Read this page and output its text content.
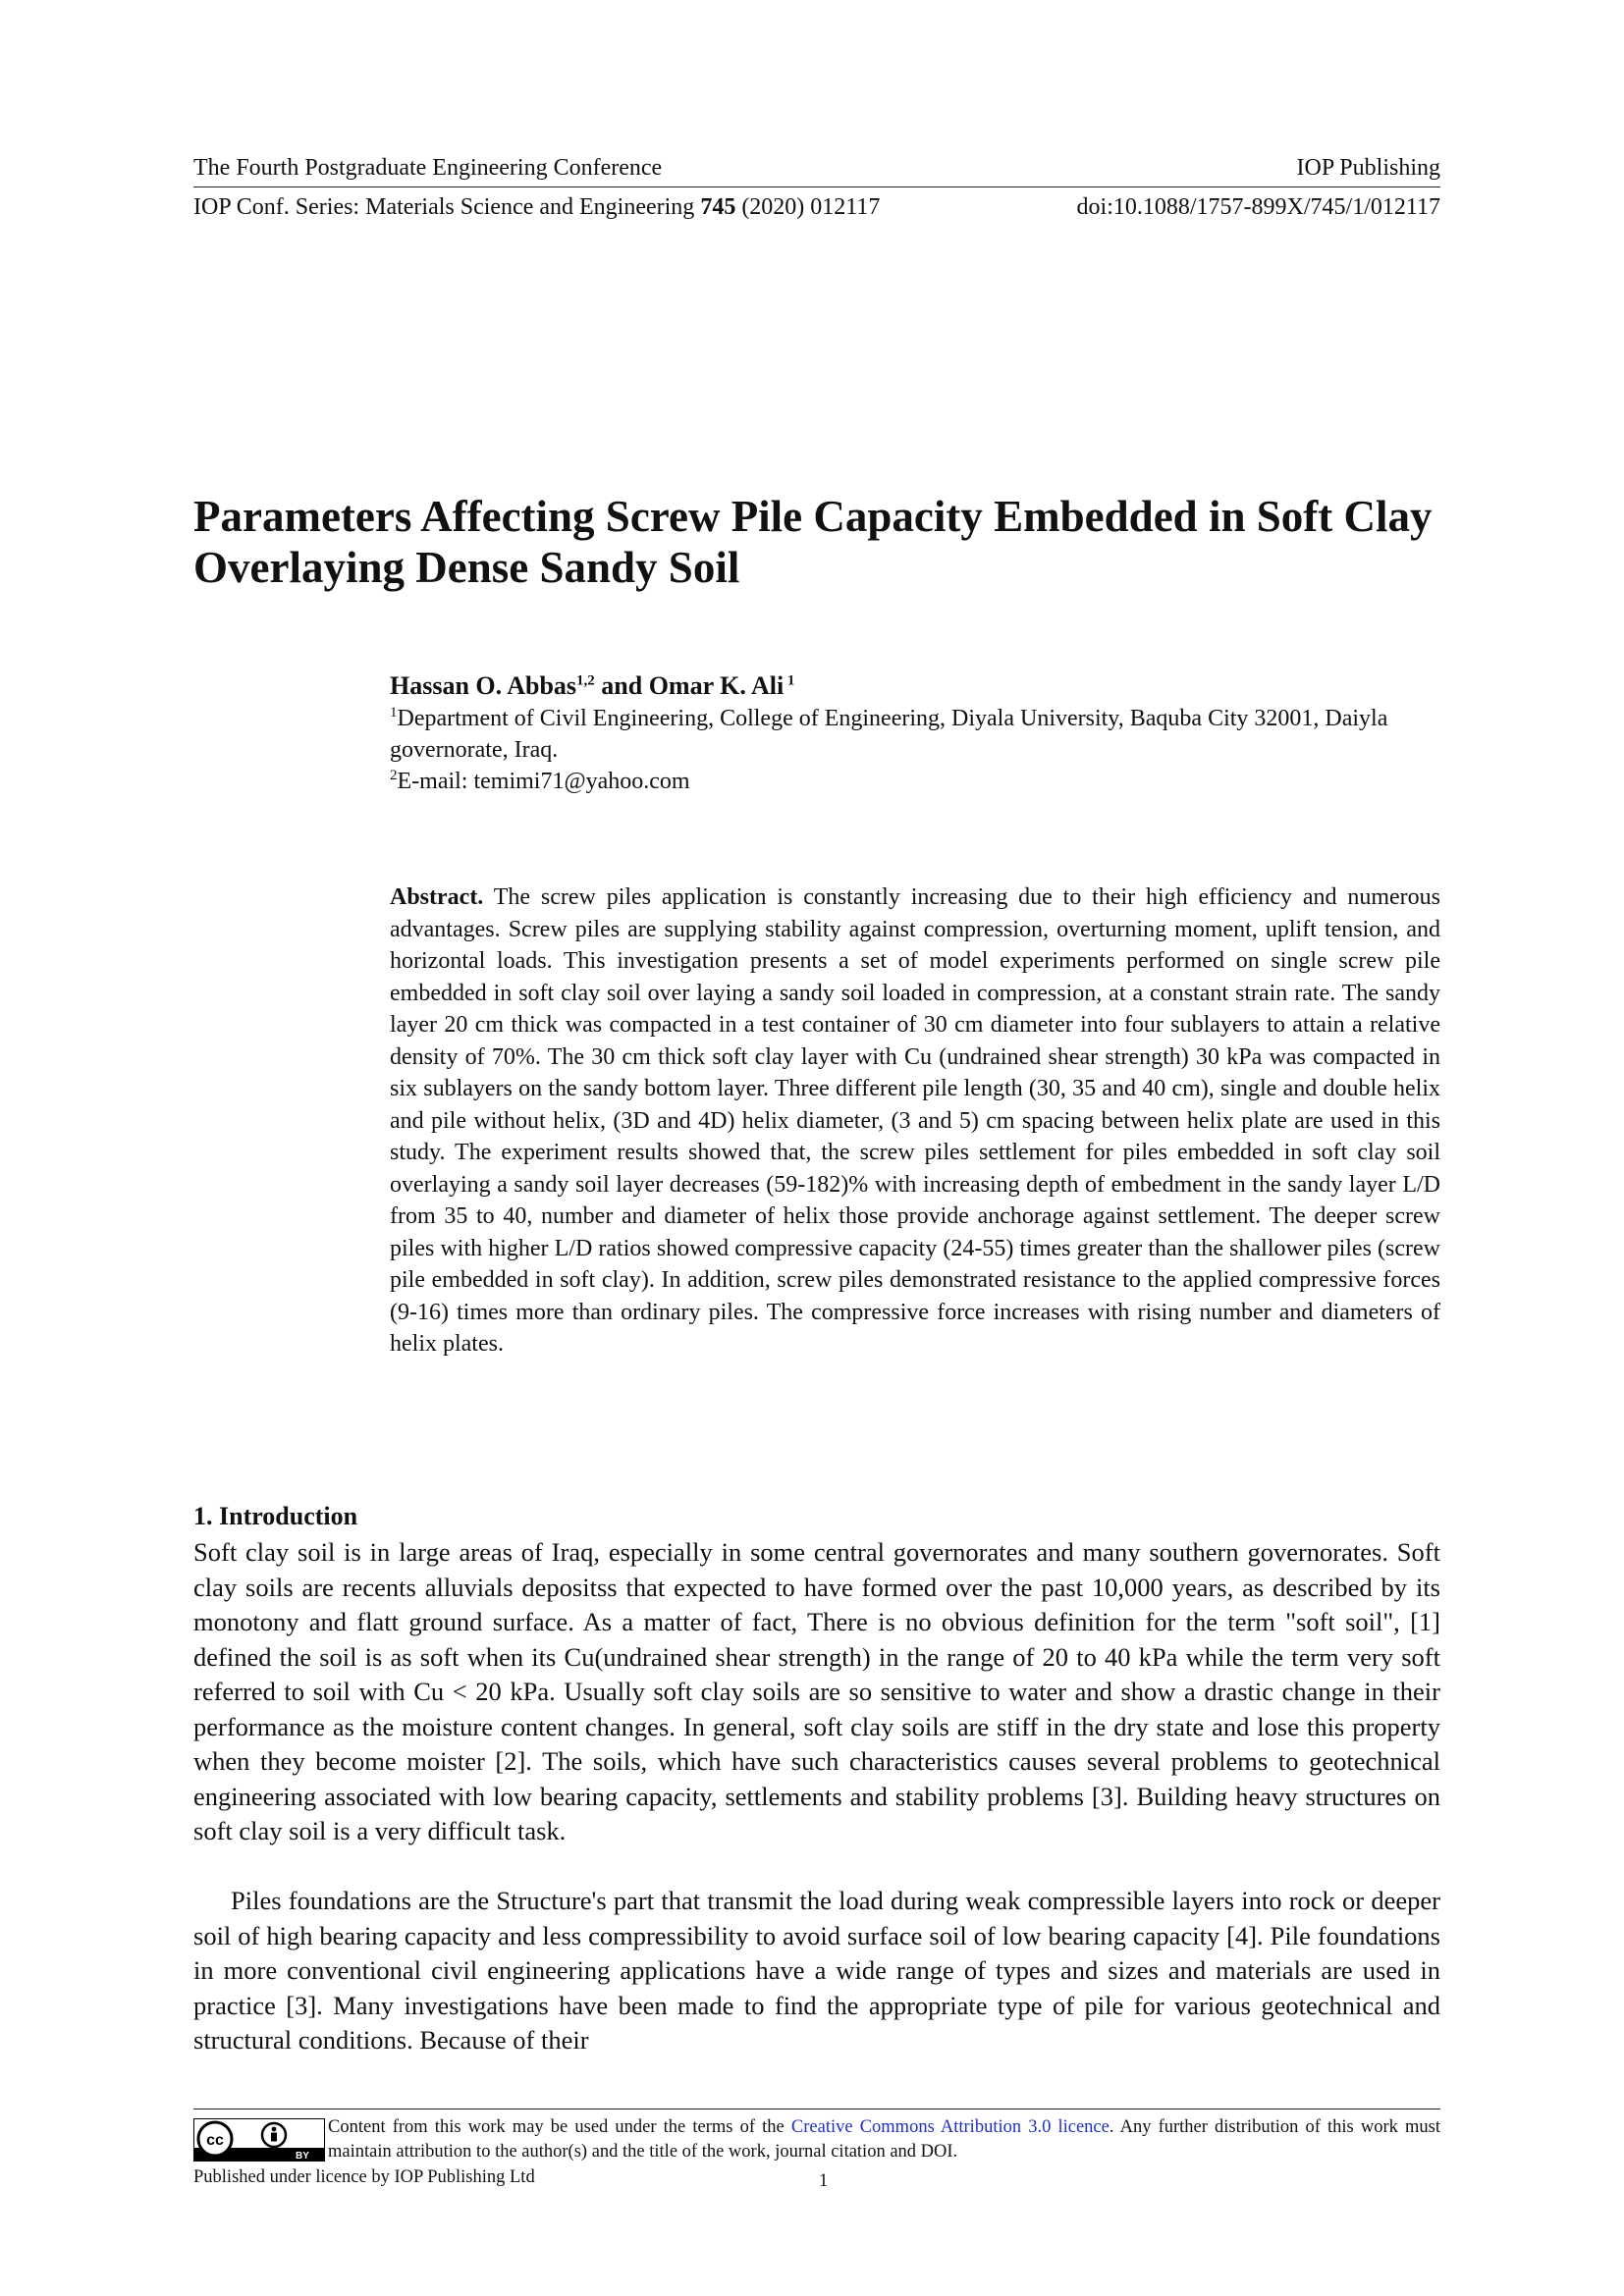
The Fourth Postgraduate Engineering Conference	IOP Publishing
IOP Conf. Series: Materials Science and Engineering 745 (2020) 012117	doi:10.1088/1757-899X/745/1/012117
Parameters Affecting Screw Pile Capacity Embedded in Soft Clay Overlaying Dense Sandy Soil
Hassan O. Abbas$^{1,2}$ and Omar K. Ali $^1$
$^1$Department of Civil Engineering, College of Engineering, Diyala University, Baquba City 32001, Daiyla governorate, Iraq.
$^2$E-mail: temimi71@yahoo.com

Abstract. The screw piles application is constantly increasing due to their high efficiency and numerous advantages. Screw piles are supplying stability against compression, overturning moment, uplift tension, and horizontal loads. This investigation presents a set of model experiments performed on single screw pile embedded in soft clay soil over laying a sandy soil loaded in compression, at a constant strain rate. The sandy layer 20 cm thick was compacted in a test container of 30 cm diameter into four sublayers to attain a relative density of 70%. The 30 cm thick soft clay layer with Cu (undrained shear strength) 30 kPa was compacted in six sublayers on the sandy bottom layer. Three different pile length (30, 35 and 40 cm), single and double helix and pile without helix, (3D and 4D) helix diameter, (3 and 5) cm spacing between helix plate are used in this study. The experiment results showed that, the screw piles settlement for piles embedded in soft clay soil overlaying a sandy soil layer decreases (59-182)% with increasing depth of embedment in the sandy layer L/D from 35 to 40, number and diameter of helix those provide anchorage against settlement. The deeper screw piles with higher L/D ratios showed compressive capacity (24-55) times greater than the shallower piles (screw pile embedded in soft clay). In addition, screw piles demonstrated resistance to the applied compressive forces (9-16) times more than ordinary piles. The compressive force increases with rising number and diameters of helix plates.

1. Introduction

Soft clay soil is in large areas of Iraq, especially in some central governorates and many southern governorates. Soft clay soils are recents alluvials depositss that expected to have formed over the past 10,000 years, as described by its monotony and flatt ground surface. As a matter of fact, There is no obvious definition for the term "soft soil", [1] defined the soil is as soft when its Cu(undrained shear strength) in the range of 20 to 40 kPa while the term very soft referred to soil with Cu < 20 kPa. Usually soft clay soils are so sensitive to water and show a drastic change in their performance as the moisture content changes. In general, soft clay soils are stiff in the dry state and lose this property when they become moister [2]. The soils, which have such characteristics causes several problems to geotechnical engineering associated with low bearing capacity, settlements and stability problems [3]. Building heavy structures on soft clay soil is a very difficult task.

Piles foundations are the Structure's part that transmit the load during weak compressible layers into rock or deeper soil of high bearing capacity and less compressibility to avoid surface soil of low bearing capacity [4]. Pile foundations in more conventional civil engineering applications have a wide range of types and sizes and materials are used in practice [3]. Many investigations have been made to find the appropriate type of pile for various geotechnical and structural conditions. Because of their

cc
BY
Content from this work may be used under the terms of the Creative Commons Attribution 3.0 licence. Any further distribution of this work must maintain attribution to the author(s) and the title of the work, journal citation and DOI.
Published under licence by IOP Publishing Ltd	1
